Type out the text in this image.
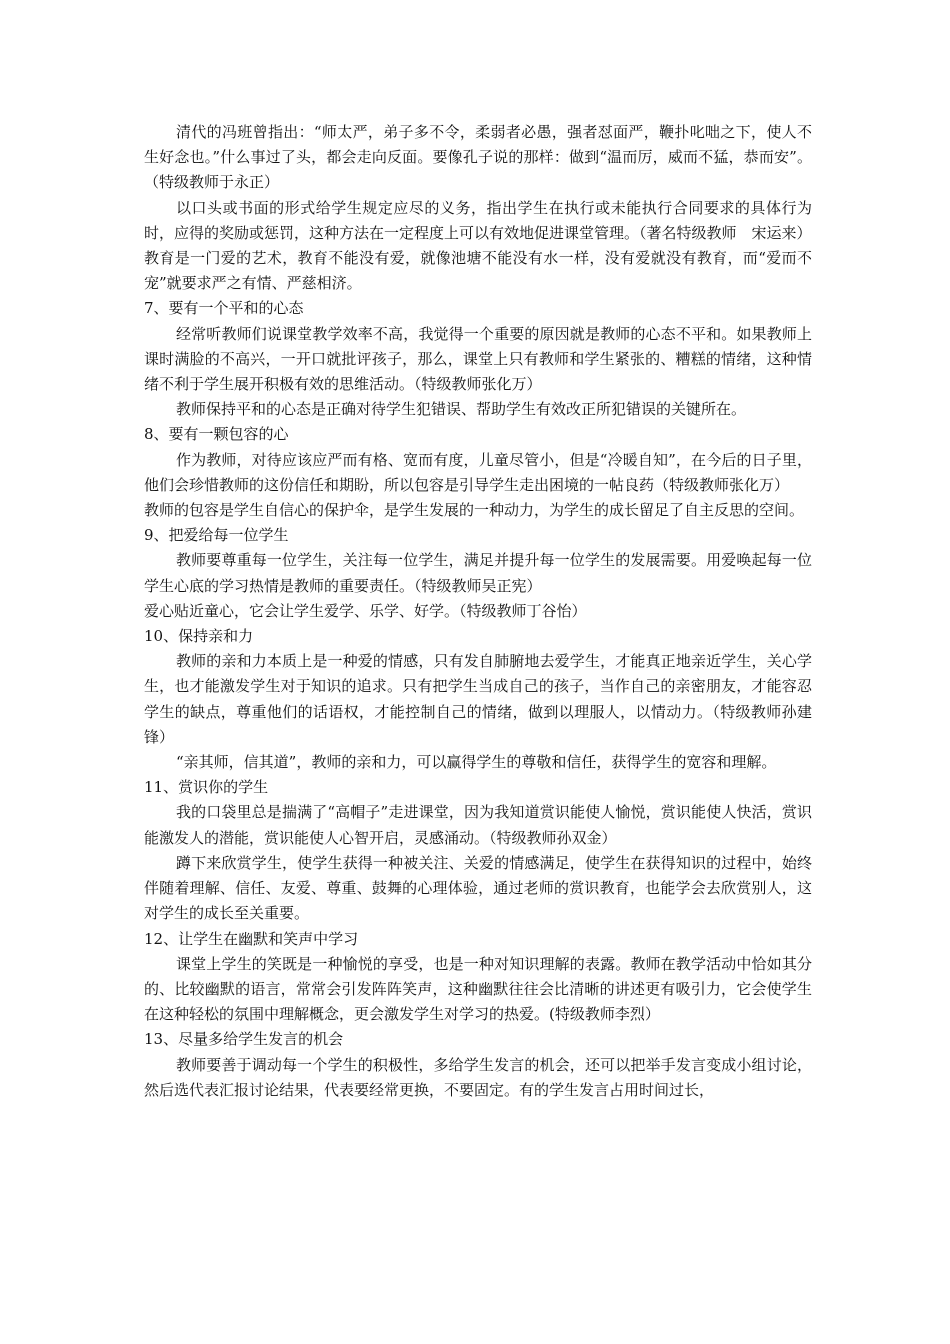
清代的冯班曾指出：“师太严，弟子多不令，柔弱者必愚，强者怼面严，鞭扑叱咄之下，使人不生好念也。”什么事过了头，都会走向反面。要像孔子说的那样：做到“温而厉，威而不猛，恭而安”。（特级教师于永正）

以口头或书面的形式给学生规定应尽的义务，指出学生在执行或未能执行合同要求的具体行为时，应得的奖励或惩罚，这种方法在一定程度上可以有效地促进课堂管理。（著名特级教师　宋运来）

教育是一门爱的艺术，教育不能没有爱，就像池塘不能没有水一样，没有爱就没有教育，而“爱而不宠”就要求严之有情、严慈相济。

7、要有一个平和的心态

经常听教师们说课堂教学效率不高，我觉得一个重要的原因就是教师的心态不平和。如果教师上课时满脸的不高兴，一开口就批评孩子，那么，课堂上只有教师和学生紧张的、糟糕的情绪，这种情绪不利于学生展开积极有效的思维活动。（特级教师张化万）

教师保持平和的心态是正确对待学生犯错误、帮助学生有效改正所犯错误的关键所在。

8、要有一颗包容的心

作为教师，对待应该应严而有格、宽而有度，儿童尽管小，但是“冷暖自知”，在今后的日子里，他们会珍惜教师的这份信任和期盼，所以包容是引导学生走出困境的一帖良药（特级教师张化万）

教师的包容是学生自信心的保护伞，是学生发展的一种动力，为学生的成长留足了自主反思的空间。

9、把爱给每一位学生

教师要尊重每一位学生，关注每一位学生，满足并提升每一位学生的发展需要。用爱唤起每一位学生心底的学习热情是教师的重要责任。（特级教师吴正宪）

爱心贴近童心，它会让学生爱学、乐学、好学。（特级教师丁谷怡）

10、保持亲和力

教师的亲和力本质上是一种爱的情感，只有发自肺腑地去爱学生，才能真正地亲近学生，关心学生，也才能激发学生对于知识的追求。只有把学生当成自己的孩子，当作自己的亲密朋友，才能容忍学生的缺点，尊重他们的话语权，才能控制自己的情绪，做到以理服人，以情动力。（特级教师孙建锋）

“亲其师，信其道”，教师的亲和力，可以赢得学生的尊敬和信任，获得学生的宽容和理解。

11、赏识你的学生

我的口袋里总是揣满了“高帽子”走进课堂，因为我知道赏识能使人愉悦，赏识能使人快活，赏识能激发人的潜能，赏识能使人心智开启，灵感涌动。（特级教师孙双金）

蹲下来欣赏学生，使学生获得一种被关注、关爱的情感满足，使学生在获得知识的过程中，始终伴随着理解、信任、友爱、尊重、鼓舞的心理体验，通过老师的赏识教育，也能学会去欣赏别人，这对学生的成长至关重要。

12、让学生在幽默和笑声中学习

课堂上学生的笑既是一种愉悦的享受，也是一种对知识理解的表露。教师在教学活动中恰如其分的、比较幽默的语言，常常会引发阵阵笑声，这种幽默往往会比清晰的讲述更有吸引力，它会使学生在这种轻松的氛围中理解概念，更会激发学生对学习的热爱。(特级教师李烈）

13、尽量多给学生发言的机会

教师要善于调动每一个学生的积极性，多给学生发言的机会，还可以把举手发言变成小组讨论，然后选代表汇报讨论结果，代表要经常更换，不要固定。有的学生发言占用时间过长，
